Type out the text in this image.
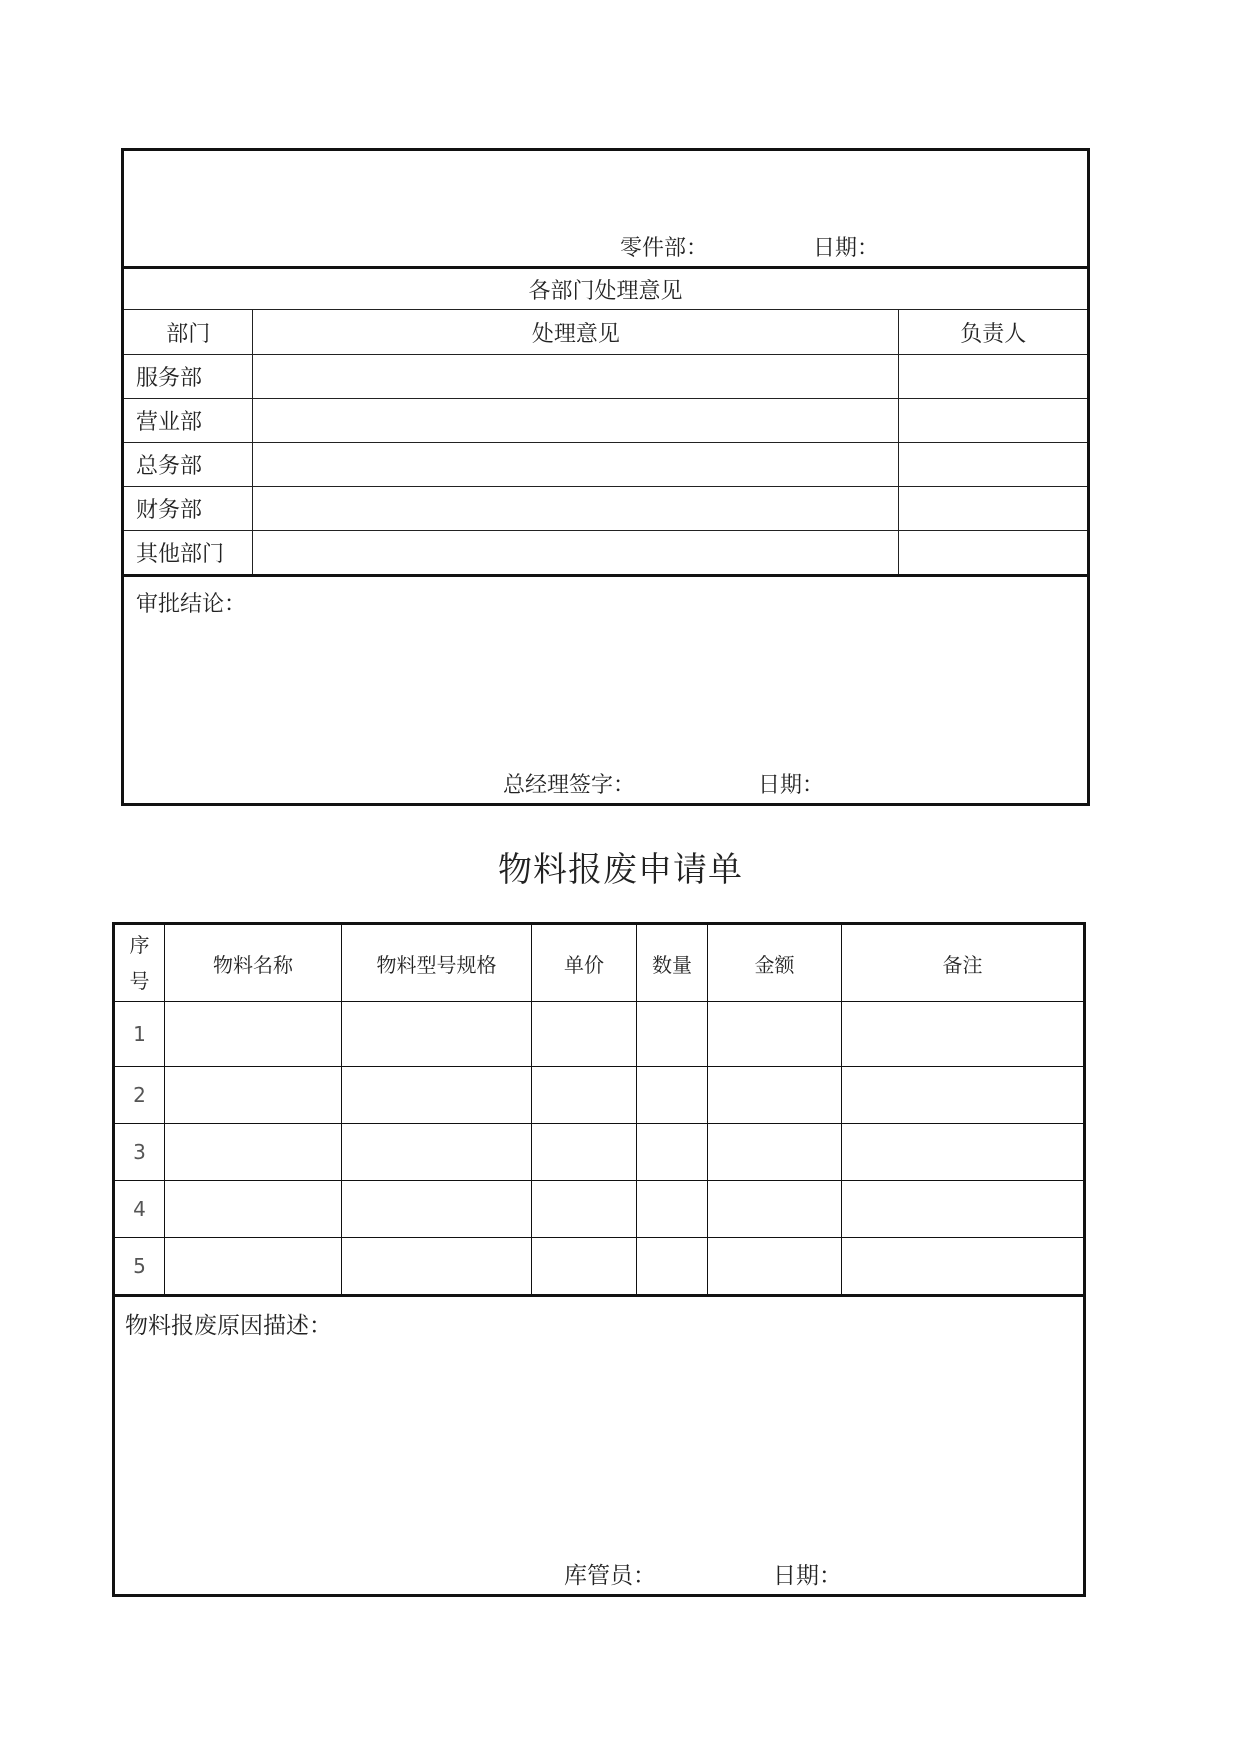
零件部： 日期：		

各部门处理意见		
部门	处理意见	负责人
服务部		
营业部		
总务部		
财务部		
其他部门		

审批结论：
总经理签字： 日期：		
物料报废申请单
序
号	物料名称	物料型号规格	单价	数量	金额	备注
1						
2						
3						
4						
5						

物料报废原因描述：
库管员： 日期：						
